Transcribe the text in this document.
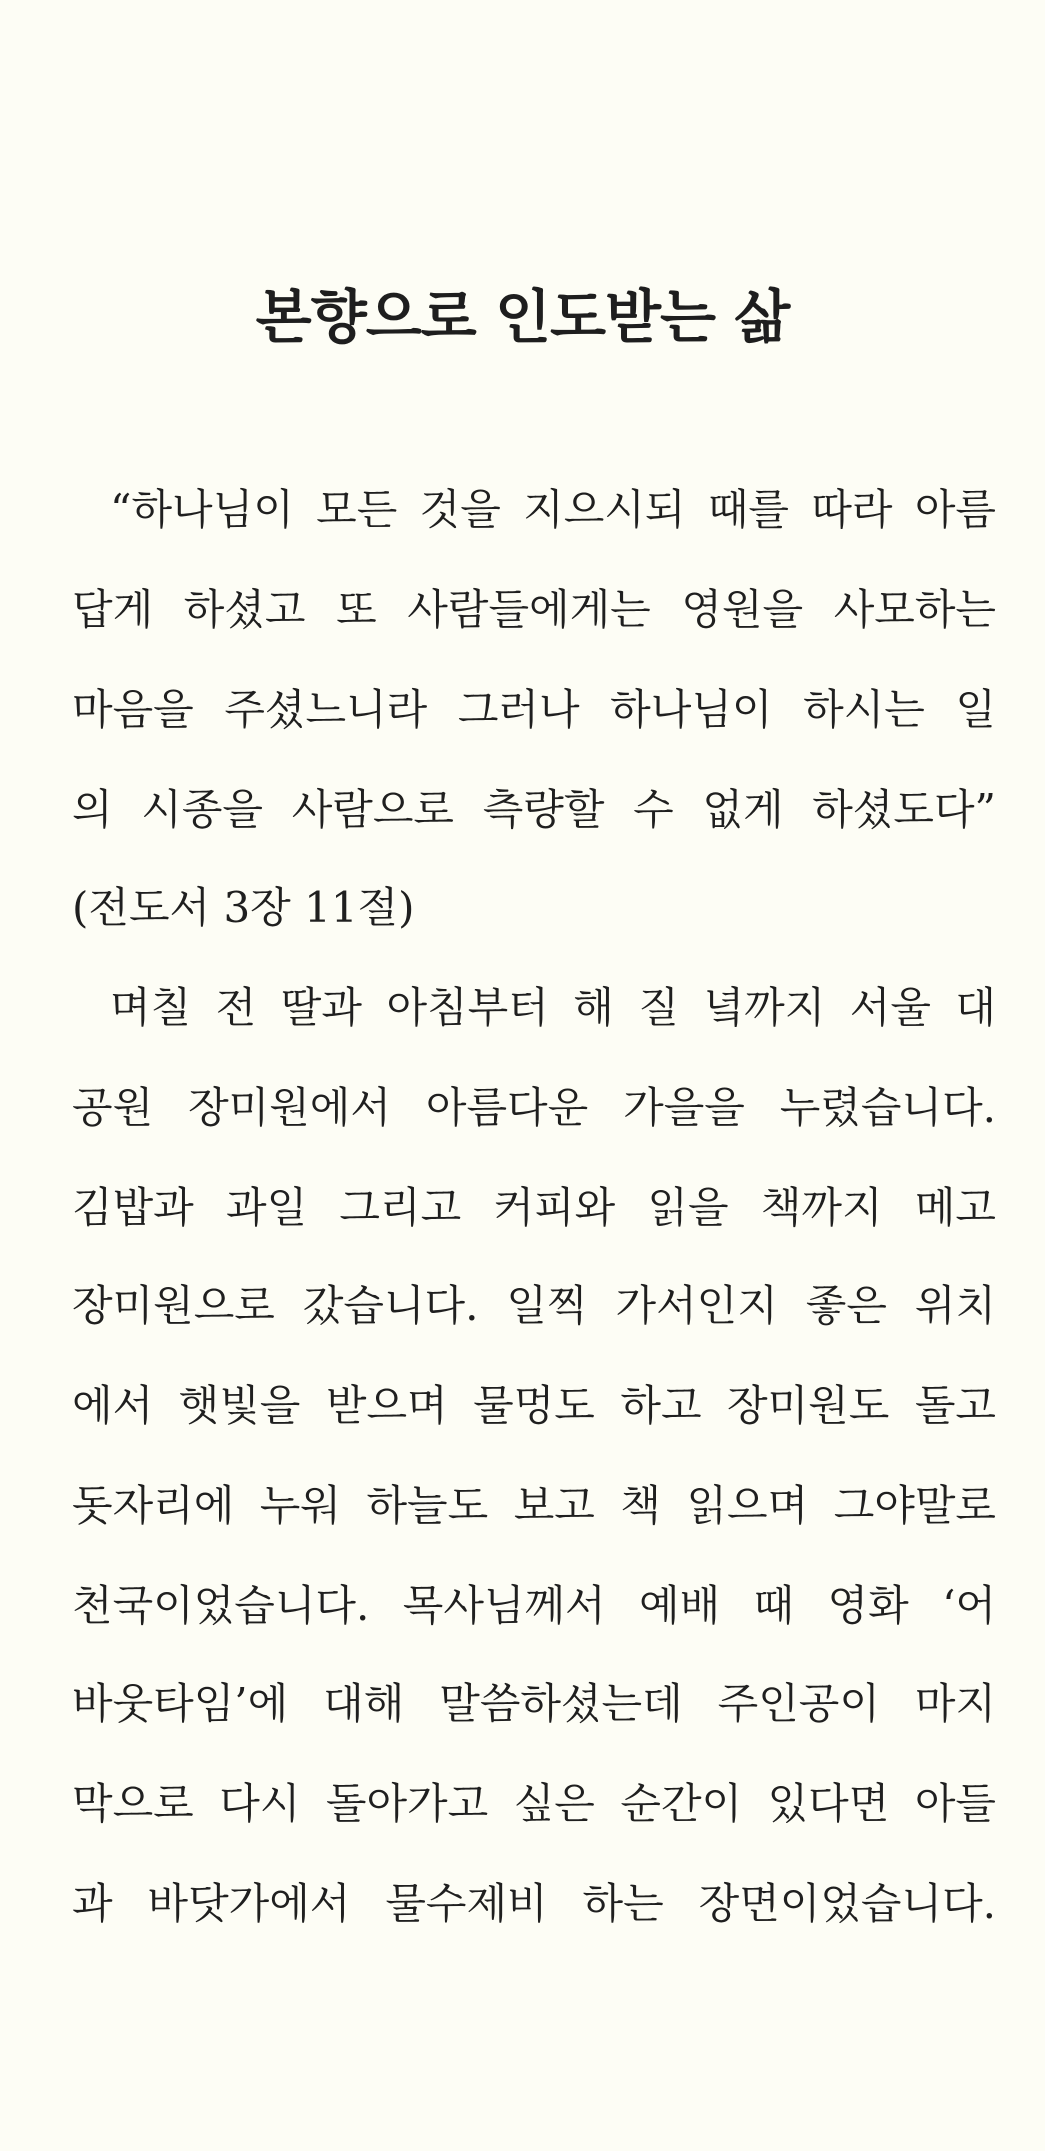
본향으로 인도받는 삶
“하나님이 모든 것을 지으시되 때를 따라 아름
답게 하셨고 또 사람들에게는 영원을 사모하는
마음을 주셨느니라 그러나 하나님이 하시는 일
의 시종을 사람으로 측량할 수 없게 하셨도다”
(전도서 3장 11절)
며칠 전 딸과 아침부터 해 질 녘까지 서울 대
공원 장미원에서 아름다운 가을을 누렸습니다.
김밥과 과일 그리고 커피와 읽을 책까지 메고
장미원으로 갔습니다. 일찍 가서인지 좋은 위치
에서 햇빛을 받으며 물멍도 하고 장미원도 돌고
돗자리에 누워 하늘도 보고 책 읽으며 그야말로
천국이었습니다. 목사님께서 예배 때 영화 ‘어
바웃타임’에 대해 말씀하셨는데 주인공이 마지
막으로 다시 돌아가고 싶은 순간이 있다면 아들
과 바닷가에서 물수제비 하는 장면이었습니다.
